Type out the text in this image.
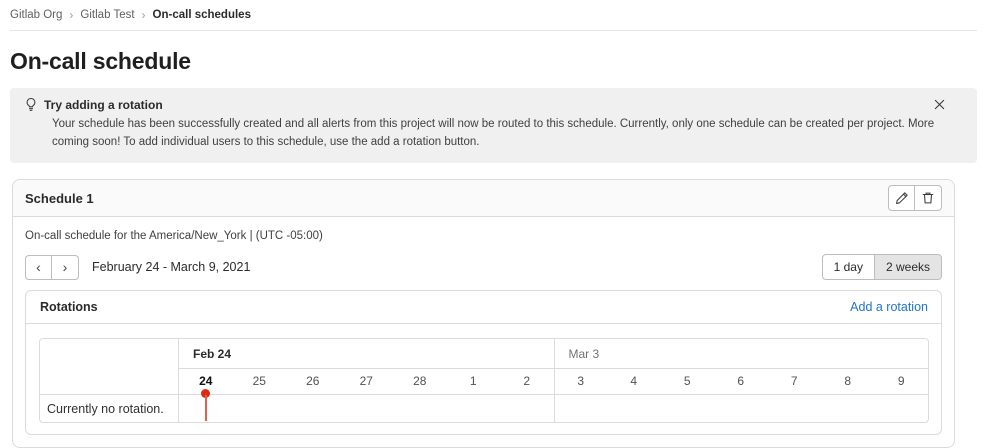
Gitlab Org › Gitlab Test › On-call schedules
On-call schedule
Try adding a rotation
Your schedule has been successfully created and all alerts from this project will now be routed to this schedule. Currently, only one schedule can be created per project. More
coming soon! To add individual users to this schedule, use the add a rotation button.
Schedule 1
On-call schedule for the America/New_York | (UTC -05:00)
‹ › February 24 - March 9, 2021	1 day	2 weeks
Rotations	Add a rotation
Feb 24	Mar 3
24	25	26	27	28	1	2	3	4	5	6	7	8	9
Currently no rotation.
